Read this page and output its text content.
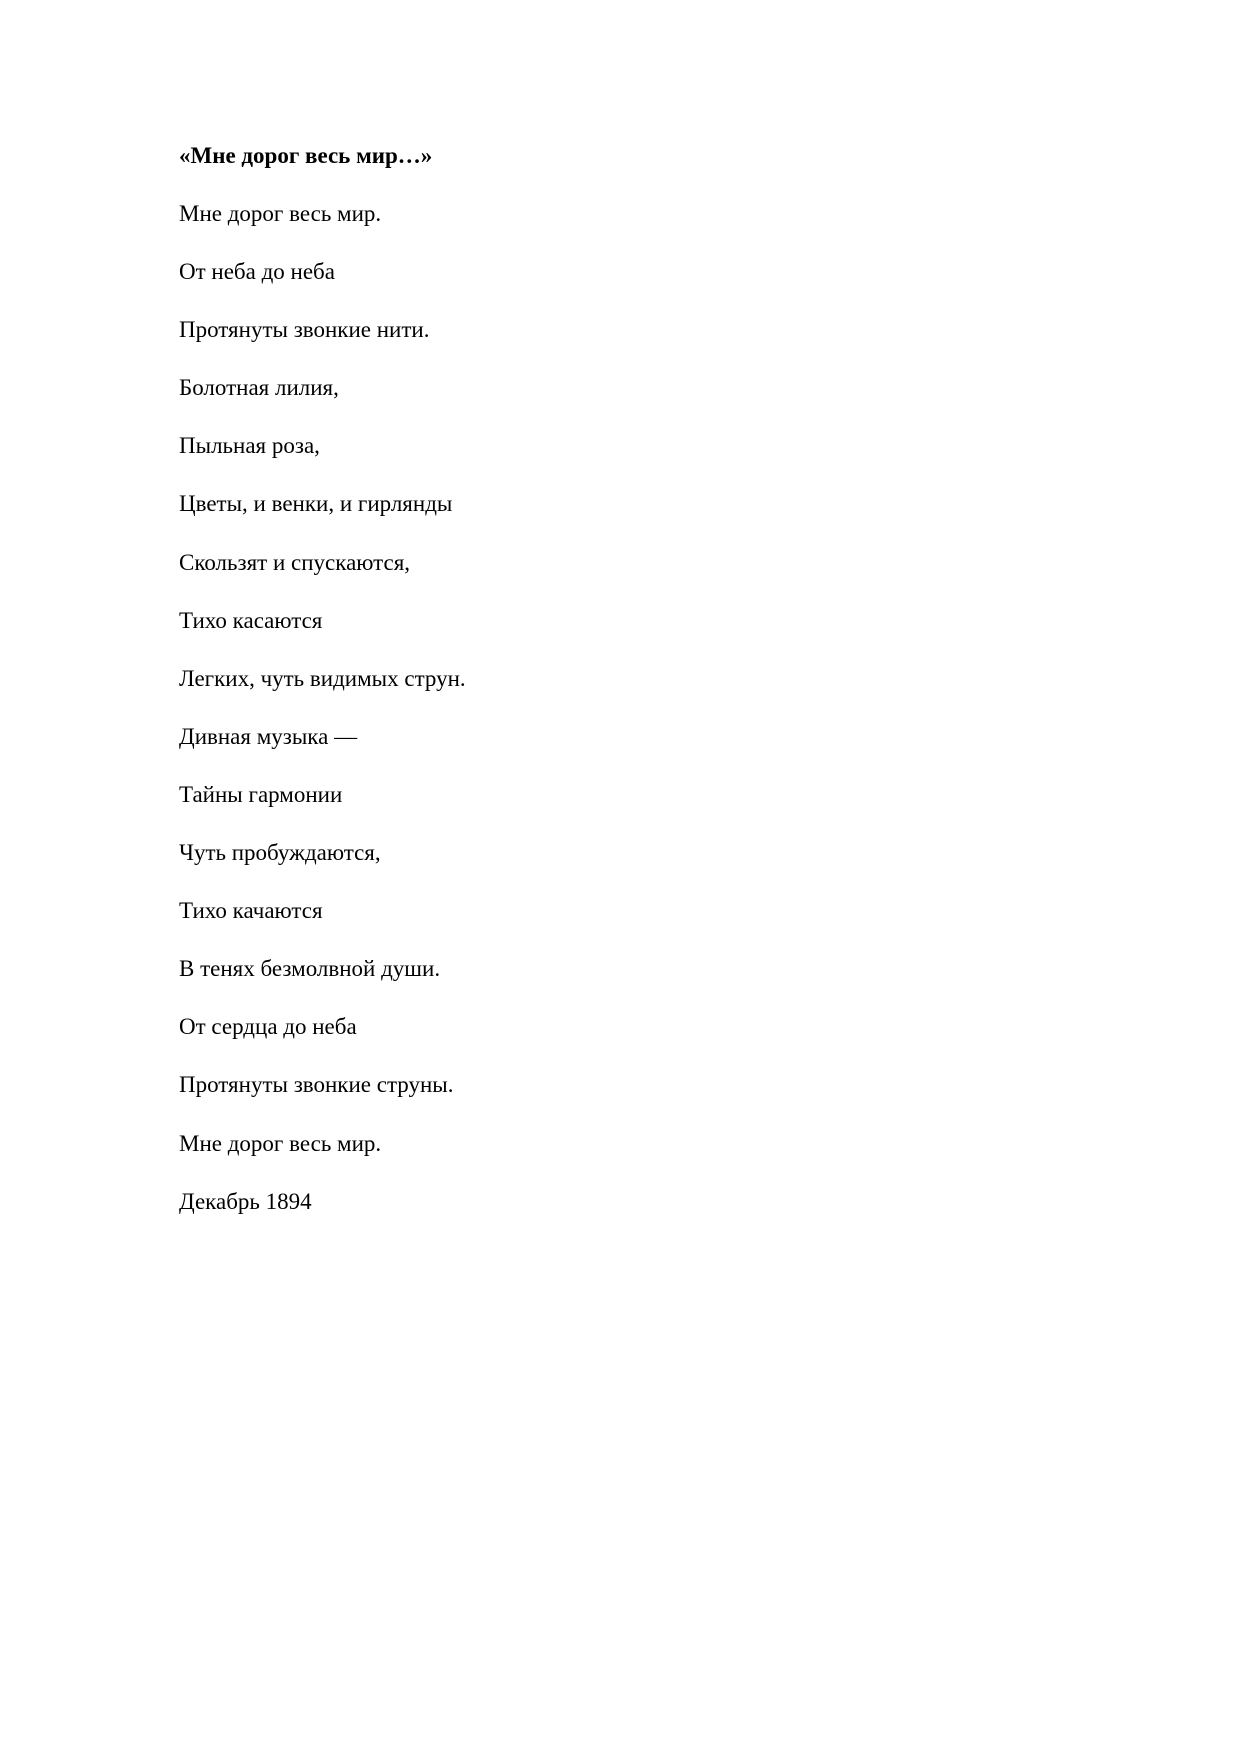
«Мне дорог весь мир…»
Мне дорог весь мир.
От неба до неба
Протянуты звонкие нити.
Болотная лилия,
Пыльная роза,
Цветы, и венки, и гирлянды
Скользят и спускаются,
Тихо касаются
Легких, чуть видимых струн.
Дивная музыка —
Тайны гармонии
Чуть пробуждаются,
Тихо качаются
В тенях безмолвной души.
От сердца до неба
Протянуты звонкие струны.
Мне дорог весь мир.
Декабрь 1894
